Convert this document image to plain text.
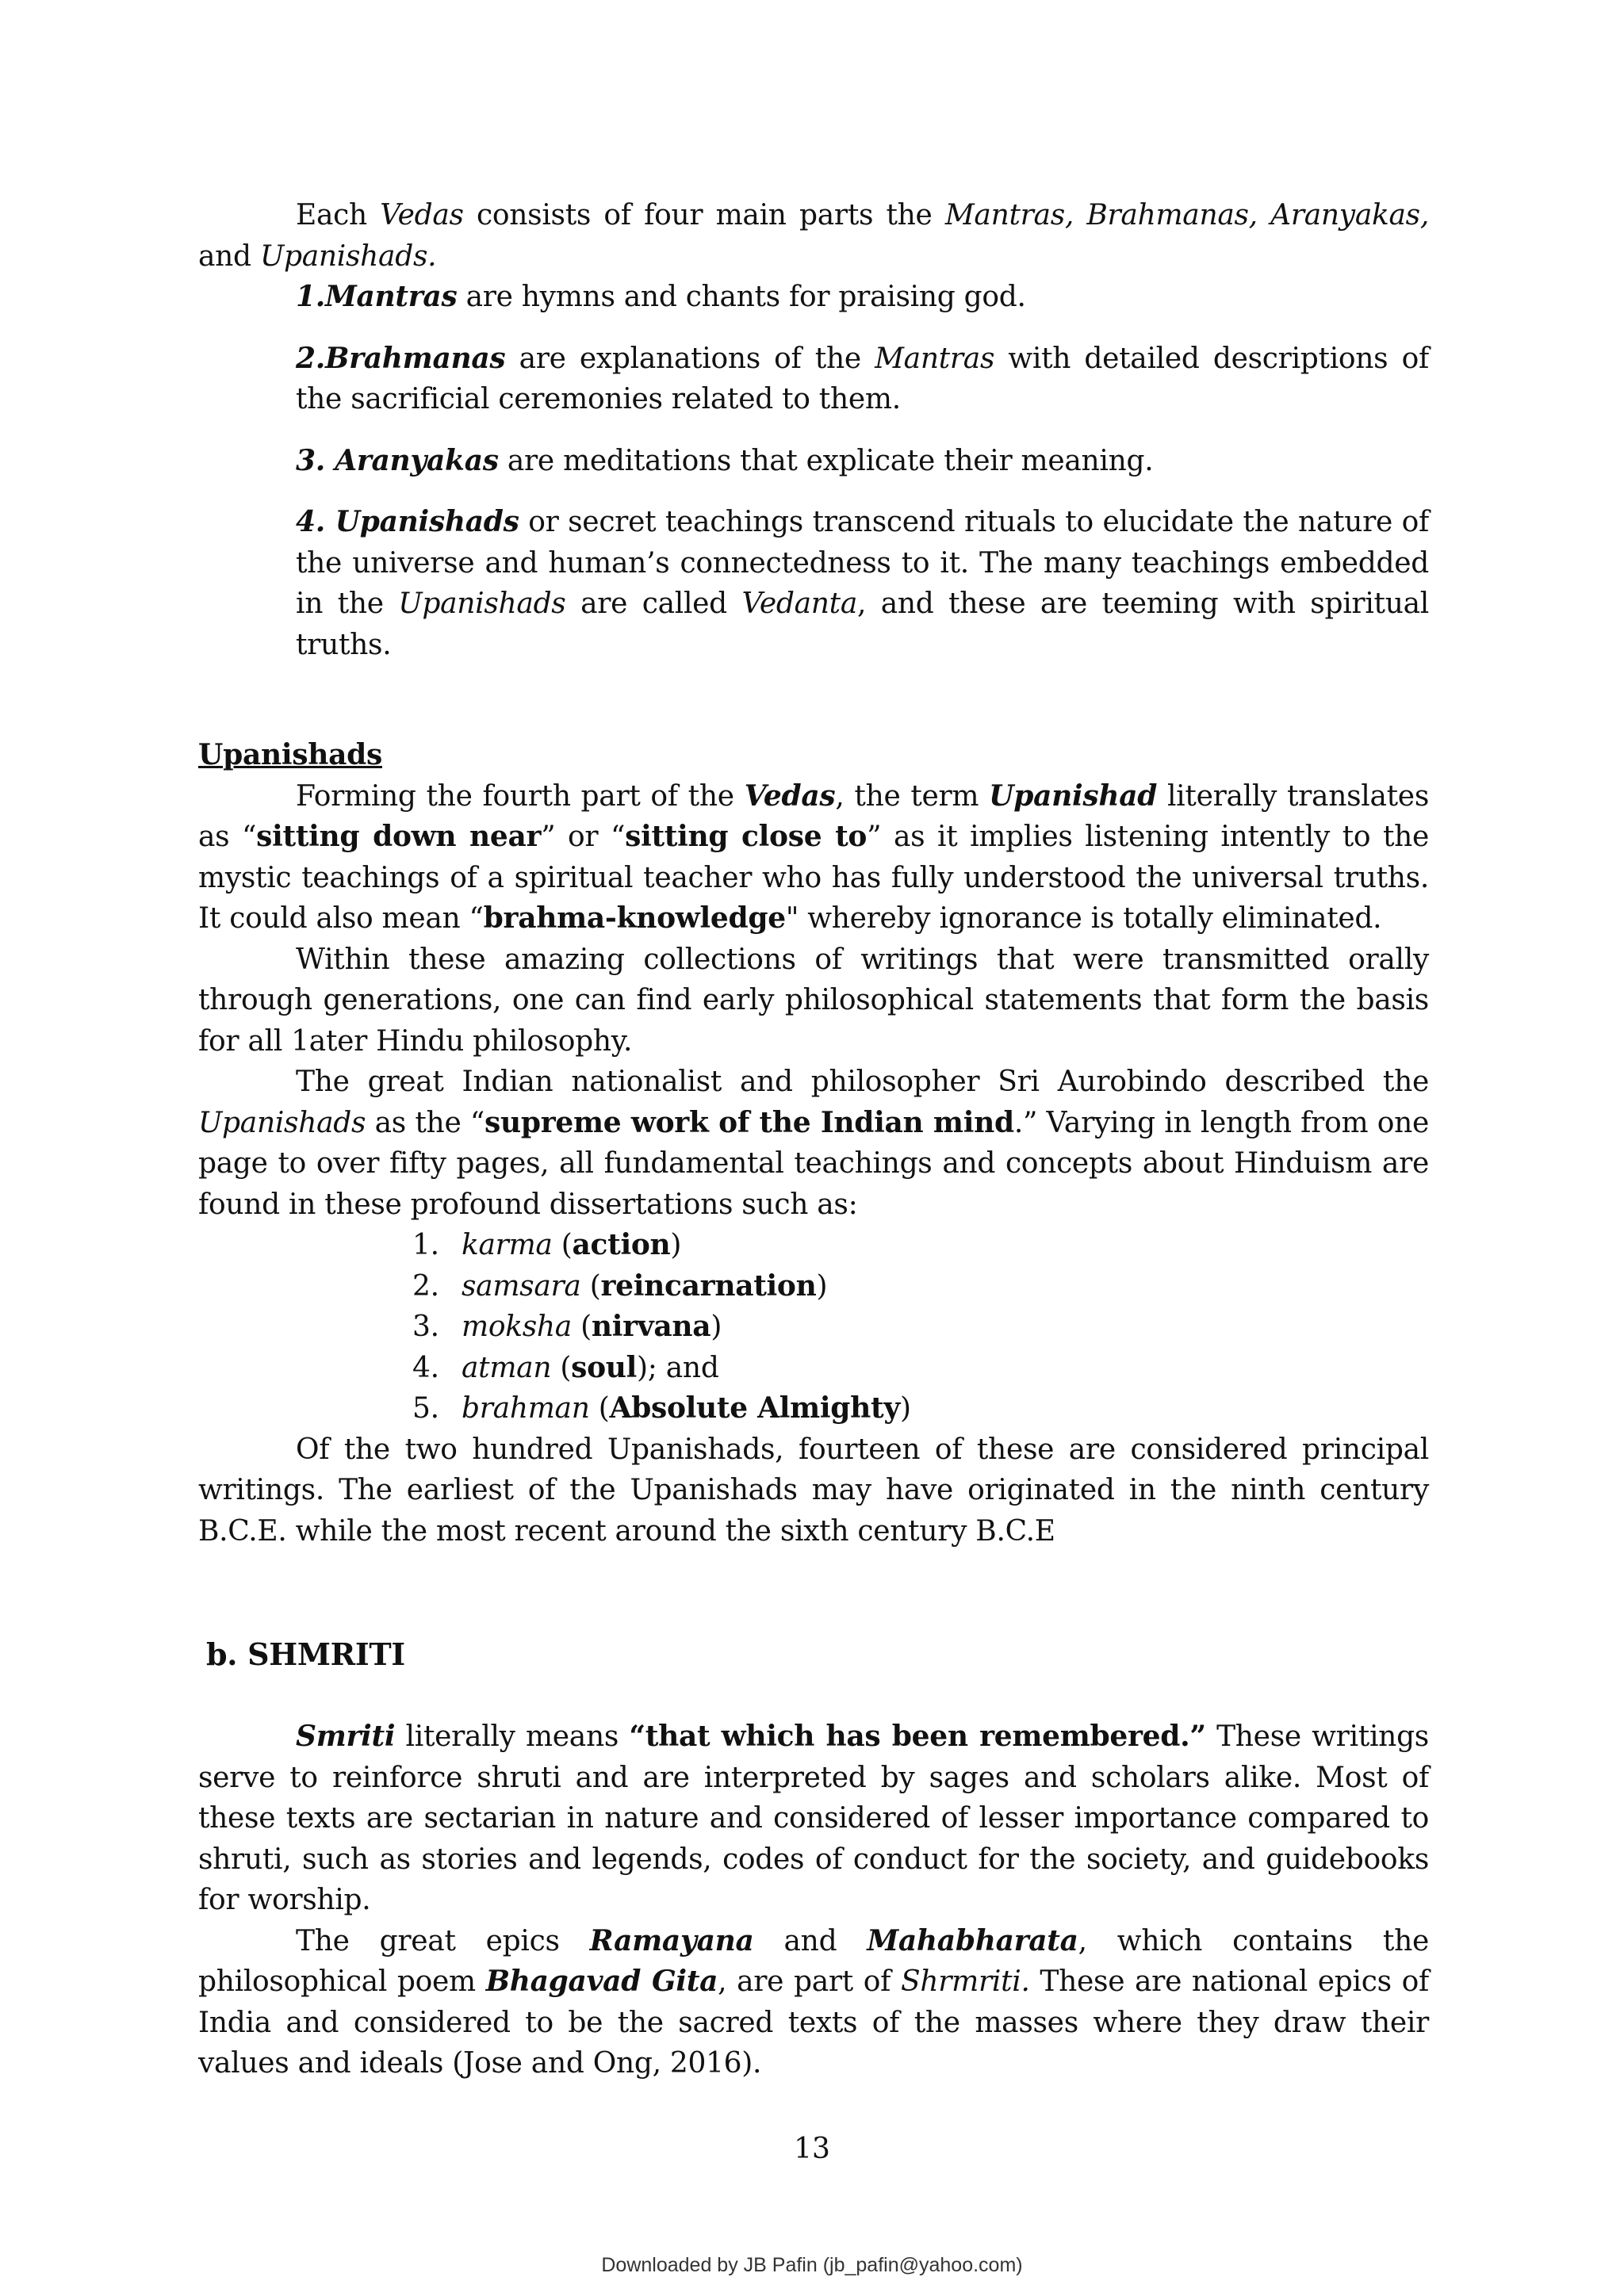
Each Vedas consists of four main parts the Mantras, Brahmanas, Aranyakas, and Upanishads.

1.Mantras are hymns and chants for praising god.

2.Brahmanas are explanations of the Mantras with detailed descriptions of the sacrificial ceremonies related to them.

3. Aranyakas are meditations that explicate their meaning.

4. Upanishads or secret teachings transcend rituals to elucidate the nature of the universe and human’s connectedness to it. The many teachings embedded in the Upanishads are called Vedanta, and these are teeming with spiritual truths.

Upanishads

Forming the fourth part of the Vedas, the term Upanishad literally translates as “sitting down near” or “sitting close to” as it implies listening intently to the mystic teachings of a spiritual teacher who has fully understood the universal truths. It could also mean “brahma-knowledge" whereby ignorance is totally eliminated.

Within these amazing collections of writings that were transmitted orally through generations, one can find early philosophical statements that form the basis for all 1ater Hindu philosophy.

The great Indian nationalist and philosopher Sri Aurobindo described the Upanishads as the “supreme work of the Indian mind.” Varying in length from one page to over fifty pages, all fundamental teachings and concepts about Hinduism are found in these profound dissertations such as:

1. karma (action)
2. samsara (reincarnation)
3. moksha (nirvana)
4. atman (soul); and
5. brahman (Absolute Almighty)

Of the two hundred Upanishads, fourteen of these are considered principal writings. The earliest of the Upanishads may have originated in the ninth century B.C.E. while the most recent around the sixth century B.C.E

b. SHMRITI

Smriti literally means “that which has been remembered.” These writings serve to reinforce shruti and are interpreted by sages and scholars alike. Most of these texts are sectarian in nature and considered of lesser importance compared to shruti, such as stories and legends, codes of conduct for the society, and guidebooks for worship.

The great epics Ramayana and Mahabharata, which contains the philosophical poem Bhagavad Gita, are part of Shrmriti. These are national epics of India and considered to be the sacred texts of the masses where they draw their values and ideals (Jose and Ong, 2016).

13
Downloaded by JB Pafin (jb_pafin@yahoo.com)
